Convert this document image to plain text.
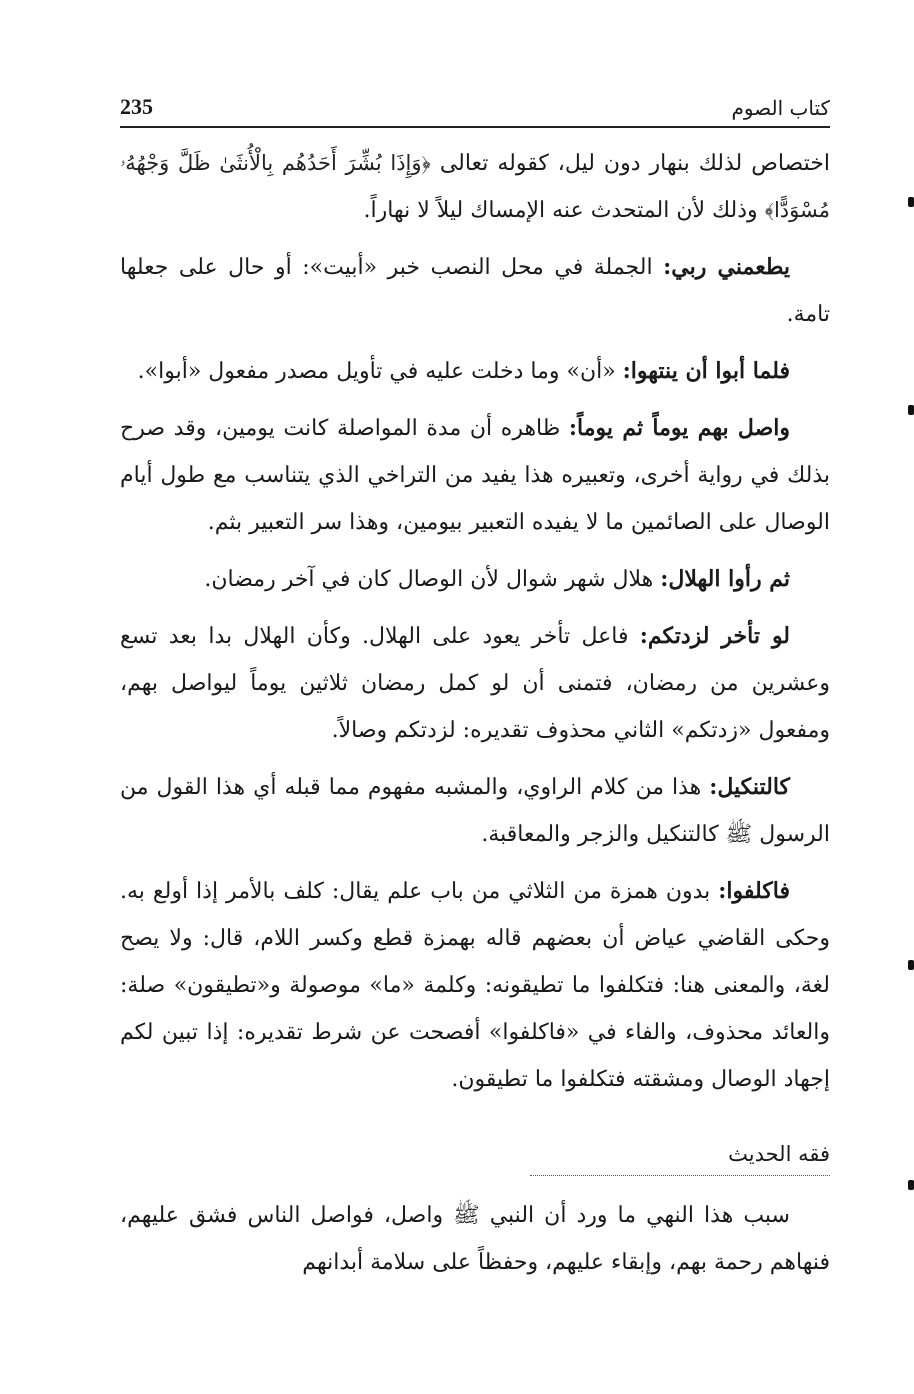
235	كتاب الصوم

اختصاص لذلك بنهار دون ليل، كقوله تعالى ﴿وَإِذَا بُشِّرَ أَحَدُهُم بِالْأُنثَىٰ ظَلَّ وَجْهُهُۥ مُسْوَدًّا﴾ وذلك لأن المتحدث عنه الإمساك ليلاً لا نهاراً.

يطعمني ربي: الجملة في محل النصب خبر «أبيت»: أو حال على جعلها تامة.

فلما أبوا أن ينتهوا: «أن» وما دخلت عليه في تأويل مصدر مفعول «أبوا».

واصل بهم يوماً ثم يوماً: ظاهره أن مدة المواصلة كانت يومين، وقد صرح بذلك في رواية أخرى، وتعبيره هذا يفيد من التراخي الذي يتناسب مع طول أيام الوصال على الصائمين ما لا يفيده التعبير بيومين، وهذا سر التعبير بثم.

ثم رأوا الهلال: هلال شهر شوال لأن الوصال كان في آخر رمضان.

لو تأخر لزدتكم: فاعل تأخر يعود على الهلال. وكأن الهلال بدا بعد تسع وعشرين من رمضان، فتمنى أن لو كمل رمضان ثلاثين يوماً ليواصل بهم، ومفعول «زدتكم» الثاني محذوف تقديره: لزدتكم وصالاً.

كالتنكيل: هذا من كلام الراوي، والمشبه مفهوم مما قبله أي هذا القول من الرسول ﷺ كالتنكيل والزجر والمعاقبة.

فاكلفوا: بدون همزة من الثلاثي من باب علم يقال: كلف بالأمر إذا أولع به. وحكى القاضي عياض أن بعضهم قاله بهمزة قطع وكسر اللام، قال: ولا يصح لغة، والمعنى هنا: فتكلفوا ما تطيقونه: وكلمة «ما» موصولة و«تطيقون» صلة: والعائد محذوف، والفاء في «فاكلفوا» أفصحت عن شرط تقديره: إذا تبين لكم إجهاد الوصال ومشقته فتكلفوا ما تطيقون.

فقه الحديث

سبب هذا النهي ما ورد أن النبي ﷺ واصل، فواصل الناس فشق عليهم، فنهاهم رحمة بهم، وإبقاء عليهم، وحفظاً على سلامة أبدانهم
